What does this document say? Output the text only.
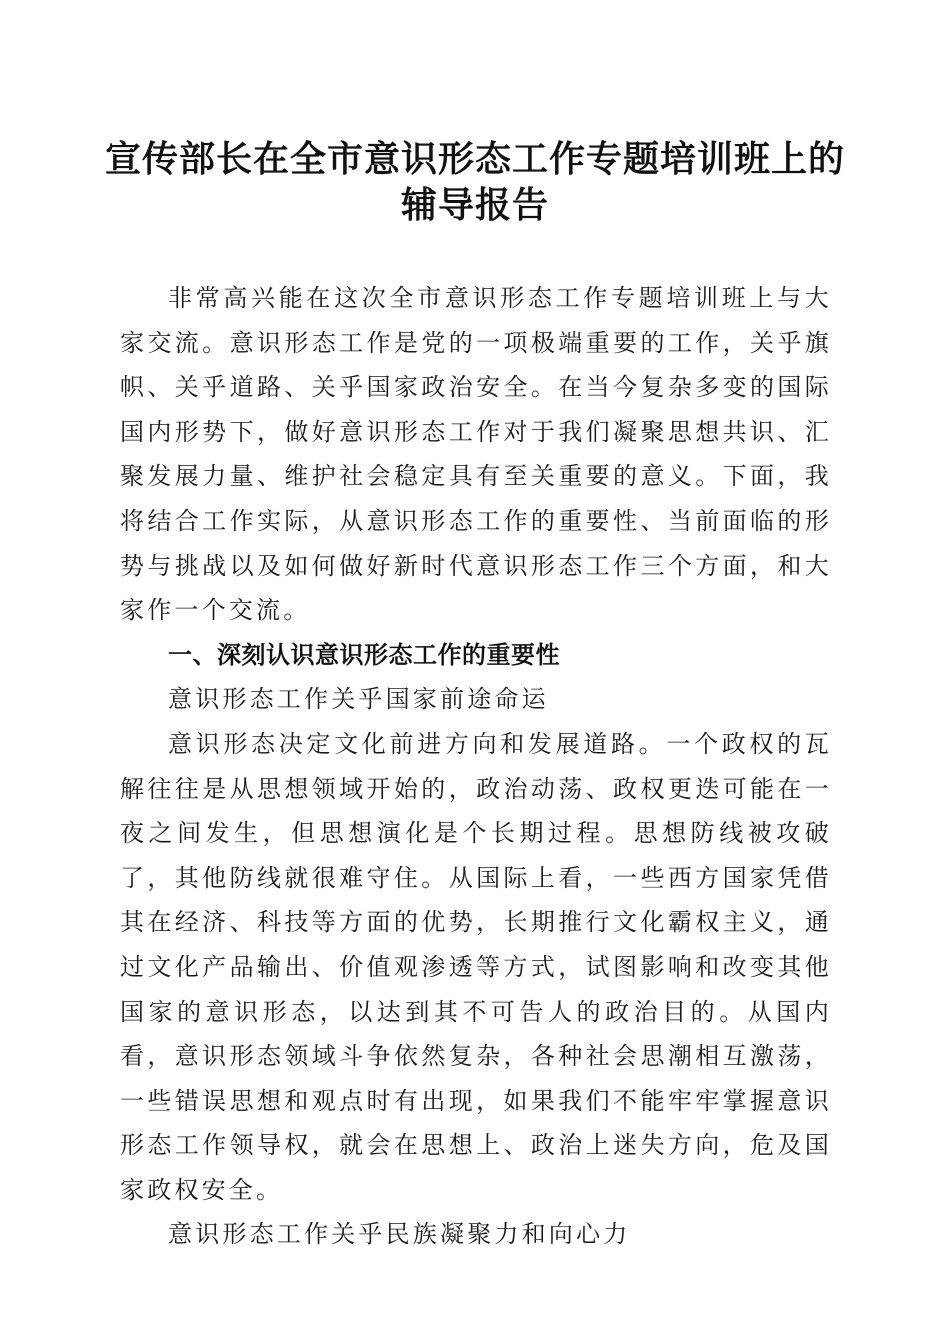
宣传部长在全市意识形态工作专题培训班上的
辅导报告

非常高兴能在这次全市意识形态工作专题培训班上与大家交流。意识形态工作是党的一项极端重要的工作，关乎旗帜、关乎道路、关乎国家政治安全。在当今复杂多变的国际国内形势下，做好意识形态工作对于我们凝聚思想共识、汇聚发展力量、维护社会稳定具有至关重要的意义。下面，我将结合工作实际，从意识形态工作的重要性、当前面临的形势与挑战以及如何做好新时代意识形态工作三个方面，和大家作一个交流。

一、深刻认识意识形态工作的重要性

意识形态工作关乎国家前途命运

意识形态决定文化前进方向和发展道路。一个政权的瓦解往往是从思想领域开始的，政治动荡、政权更迭可能在一夜之间发生，但思想演化是个长期过程。思想防线被攻破了，其他防线就很难守住。从国际上看，一些西方国家凭借其在经济、科技等方面的优势，长期推行文化霸权主义，通过文化产品输出、价值观渗透等方式，试图影响和改变其他国家的意识形态，以达到其不可告人的政治目的。从国内看，意识形态领域斗争依然复杂，各种社会思潮相互激荡，一些错误思想和观点时有出现，如果我们不能牢牢掌握意识形态工作领导权，就会在思想上、政治上迷失方向，危及国家政权安全。

意识形态工作关乎民族凝聚力和向心力
